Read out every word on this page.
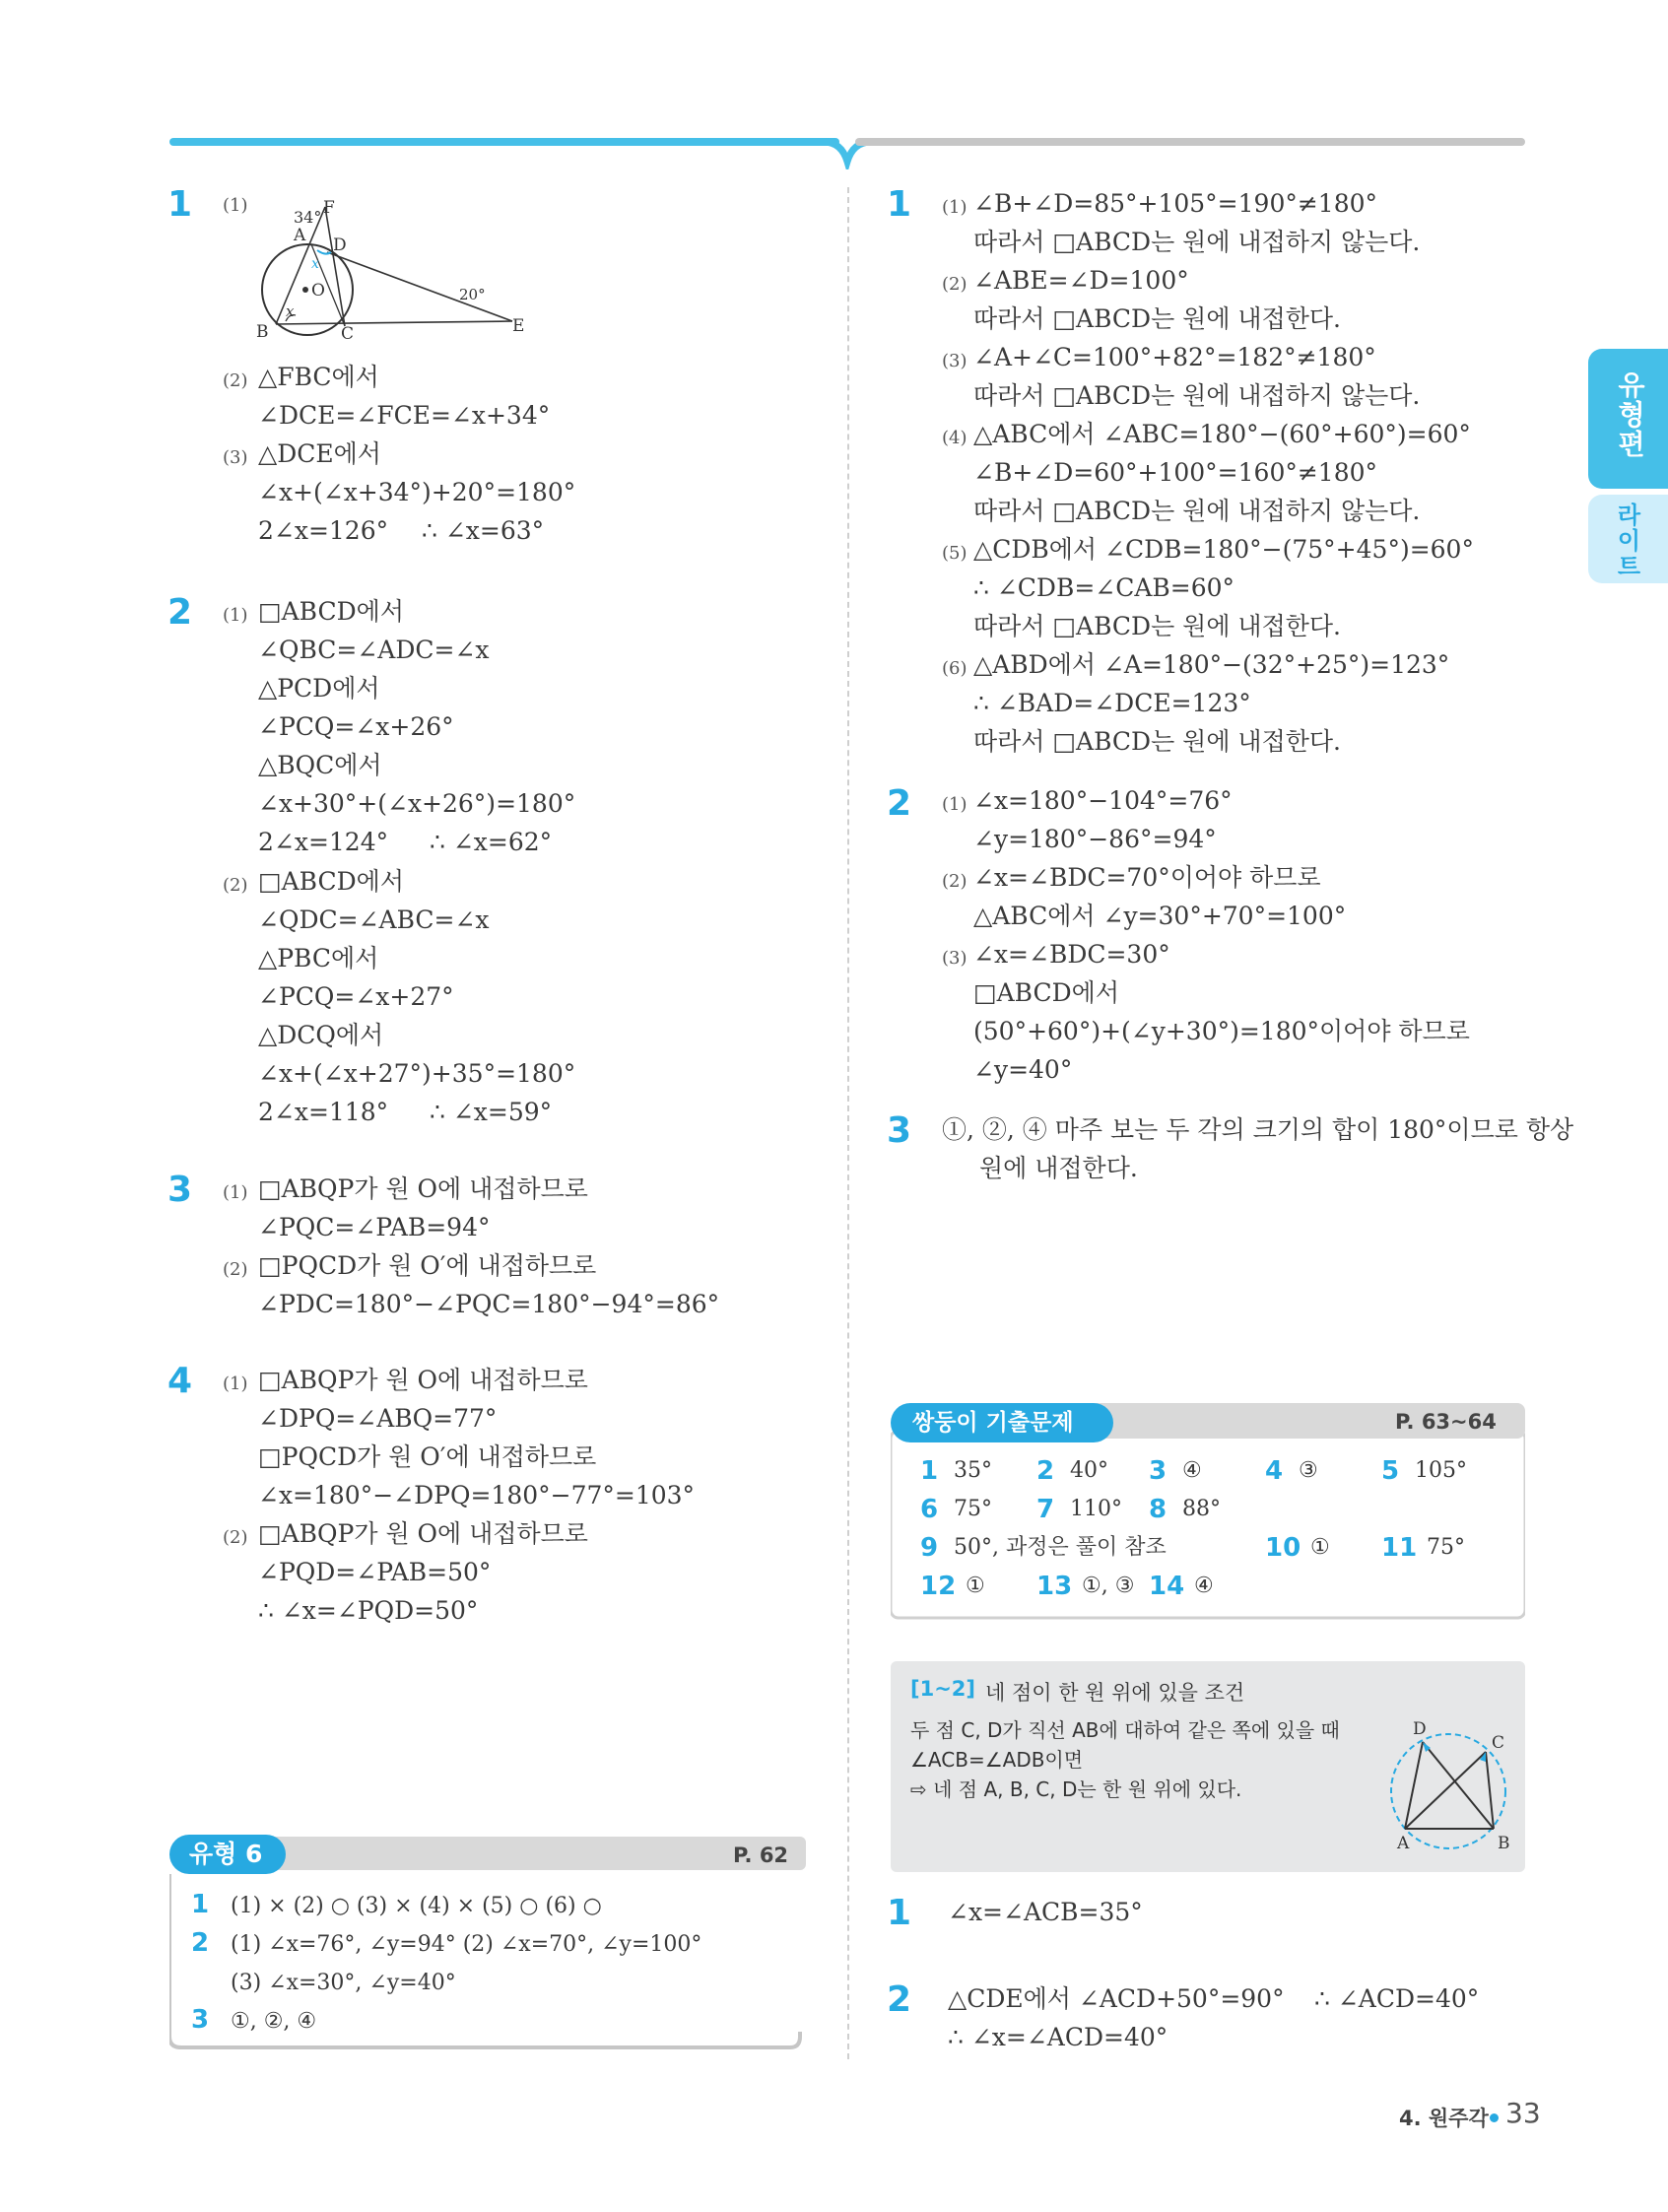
유형편
라이트
1 (1)
34° F
A D
O
B	C	E
20°
x
x
(2) △FBC에서
∠DCE=∠FCE=∠x+34°
(3) △DCE에서
∠x+(∠x+34°)+20°=180°
2∠x=126° ∴ ∠x=63°
2 (1) □ABCD에서
∠QBC=∠ADC=∠x
△PCD에서
∠PCQ=∠x+26°
△BQC에서
∠x+30°+(∠x+26°)=180°
2∠x=124° ∴ ∠x=62°
(2) □ABCD에서
∠QDC=∠ABC=∠x
△PBC에서
∠PCQ=∠x+27°
△DCQ에서
∠x+(∠x+27°)+35°=180°
2∠x=118° ∴ ∠x=59°
3 (1) □ABQP가 원 O에 내접하므로
∠PQC=∠PAB=94°
(2) □PQCD가 원 O′에 내접하므로
∠PDC=180°−∠PQC=180°−94°=86°
4 (1) □ABQP가 원 O에 내접하므로
∠DPQ=∠ABQ=77°
□PQCD가 원 O′에 내접하므로
∠x=180°−∠DPQ=180°−77°=103°
(2) □ABQP가 원 O에 내접하므로
∠PQD=∠PAB=50°
∴ ∠x=∠PQD=50°
유형 6	P. 62
1 (1) × (2) ○ (3) × (4) × (5) ○ (6) ○
2 (1) ∠x=76°, ∠y=94° (2) ∠x=70°, ∠y=100°
(3) ∠x=30°, ∠y=40°
3 ①, ②, ④
1 (1) ∠B+∠D=85°+105°=190°≠180°
따라서 □ABCD는 원에 내접하지 않는다.
(2) ∠ABE=∠D=100°
따라서 □ABCD는 원에 내접한다.
(3) ∠A+∠C=100°+82°=182°≠180°
따라서 □ABCD는 원에 내접하지 않는다.
(4) △ABC에서 ∠ABC=180°−(60°+60°)=60°
∠B+∠D=60°+100°=160°≠180°
따라서 □ABCD는 원에 내접하지 않는다.
(5) △CDB에서 ∠CDB=180°−(75°+45°)=60°
∴ ∠CDB=∠CAB=60°
따라서 □ABCD는 원에 내접한다.
(6) △ABD에서 ∠A=180°−(32°+25°)=123°
∴ ∠BAD=∠DCE=123°
따라서 □ABCD는 원에 내접한다.
2 (1) ∠x=180°−104°=76°
∠y=180°−86°=94°
(2) ∠x=∠BDC=70°이어야 하므로
△ABC에서 ∠y=30°+70°=100°
(3) ∠x=∠BDC=30°
□ABCD에서
(50°+60°)+(∠y+30°)=180°이어야 하므로
∠y=40°
3 ①, ②, ④ 마주 보는 두 각의 크기의 합이 180°이므로 항상
원에 내접한다.
쌍둥이 기출문제	P. 63~64
1 35° 2 40° 3 ④ 4 ③ 5 105°
6 75° 7 110° 8 88°
9 50°, 과정은 풀이 참조	10 ① 11 75°
12 ① 13 ①, ③ 14 ④
[1~2] 네 점이 한 원 위에 있을 조건
두 점 C, D가 직선 AB에 대하여 같은 쪽에 있을 때
∠ACB=∠ADB이면
⇨ 네 점 A, B, C, D는 한 원 위에 있다.
A	B
C
D
1 ∠x=∠ACB=35°
2 △CDE에서 ∠ACD+50°=90° ∴ ∠ACD=40°
∴ ∠x=∠ACD=40°
4. 원주각 33
